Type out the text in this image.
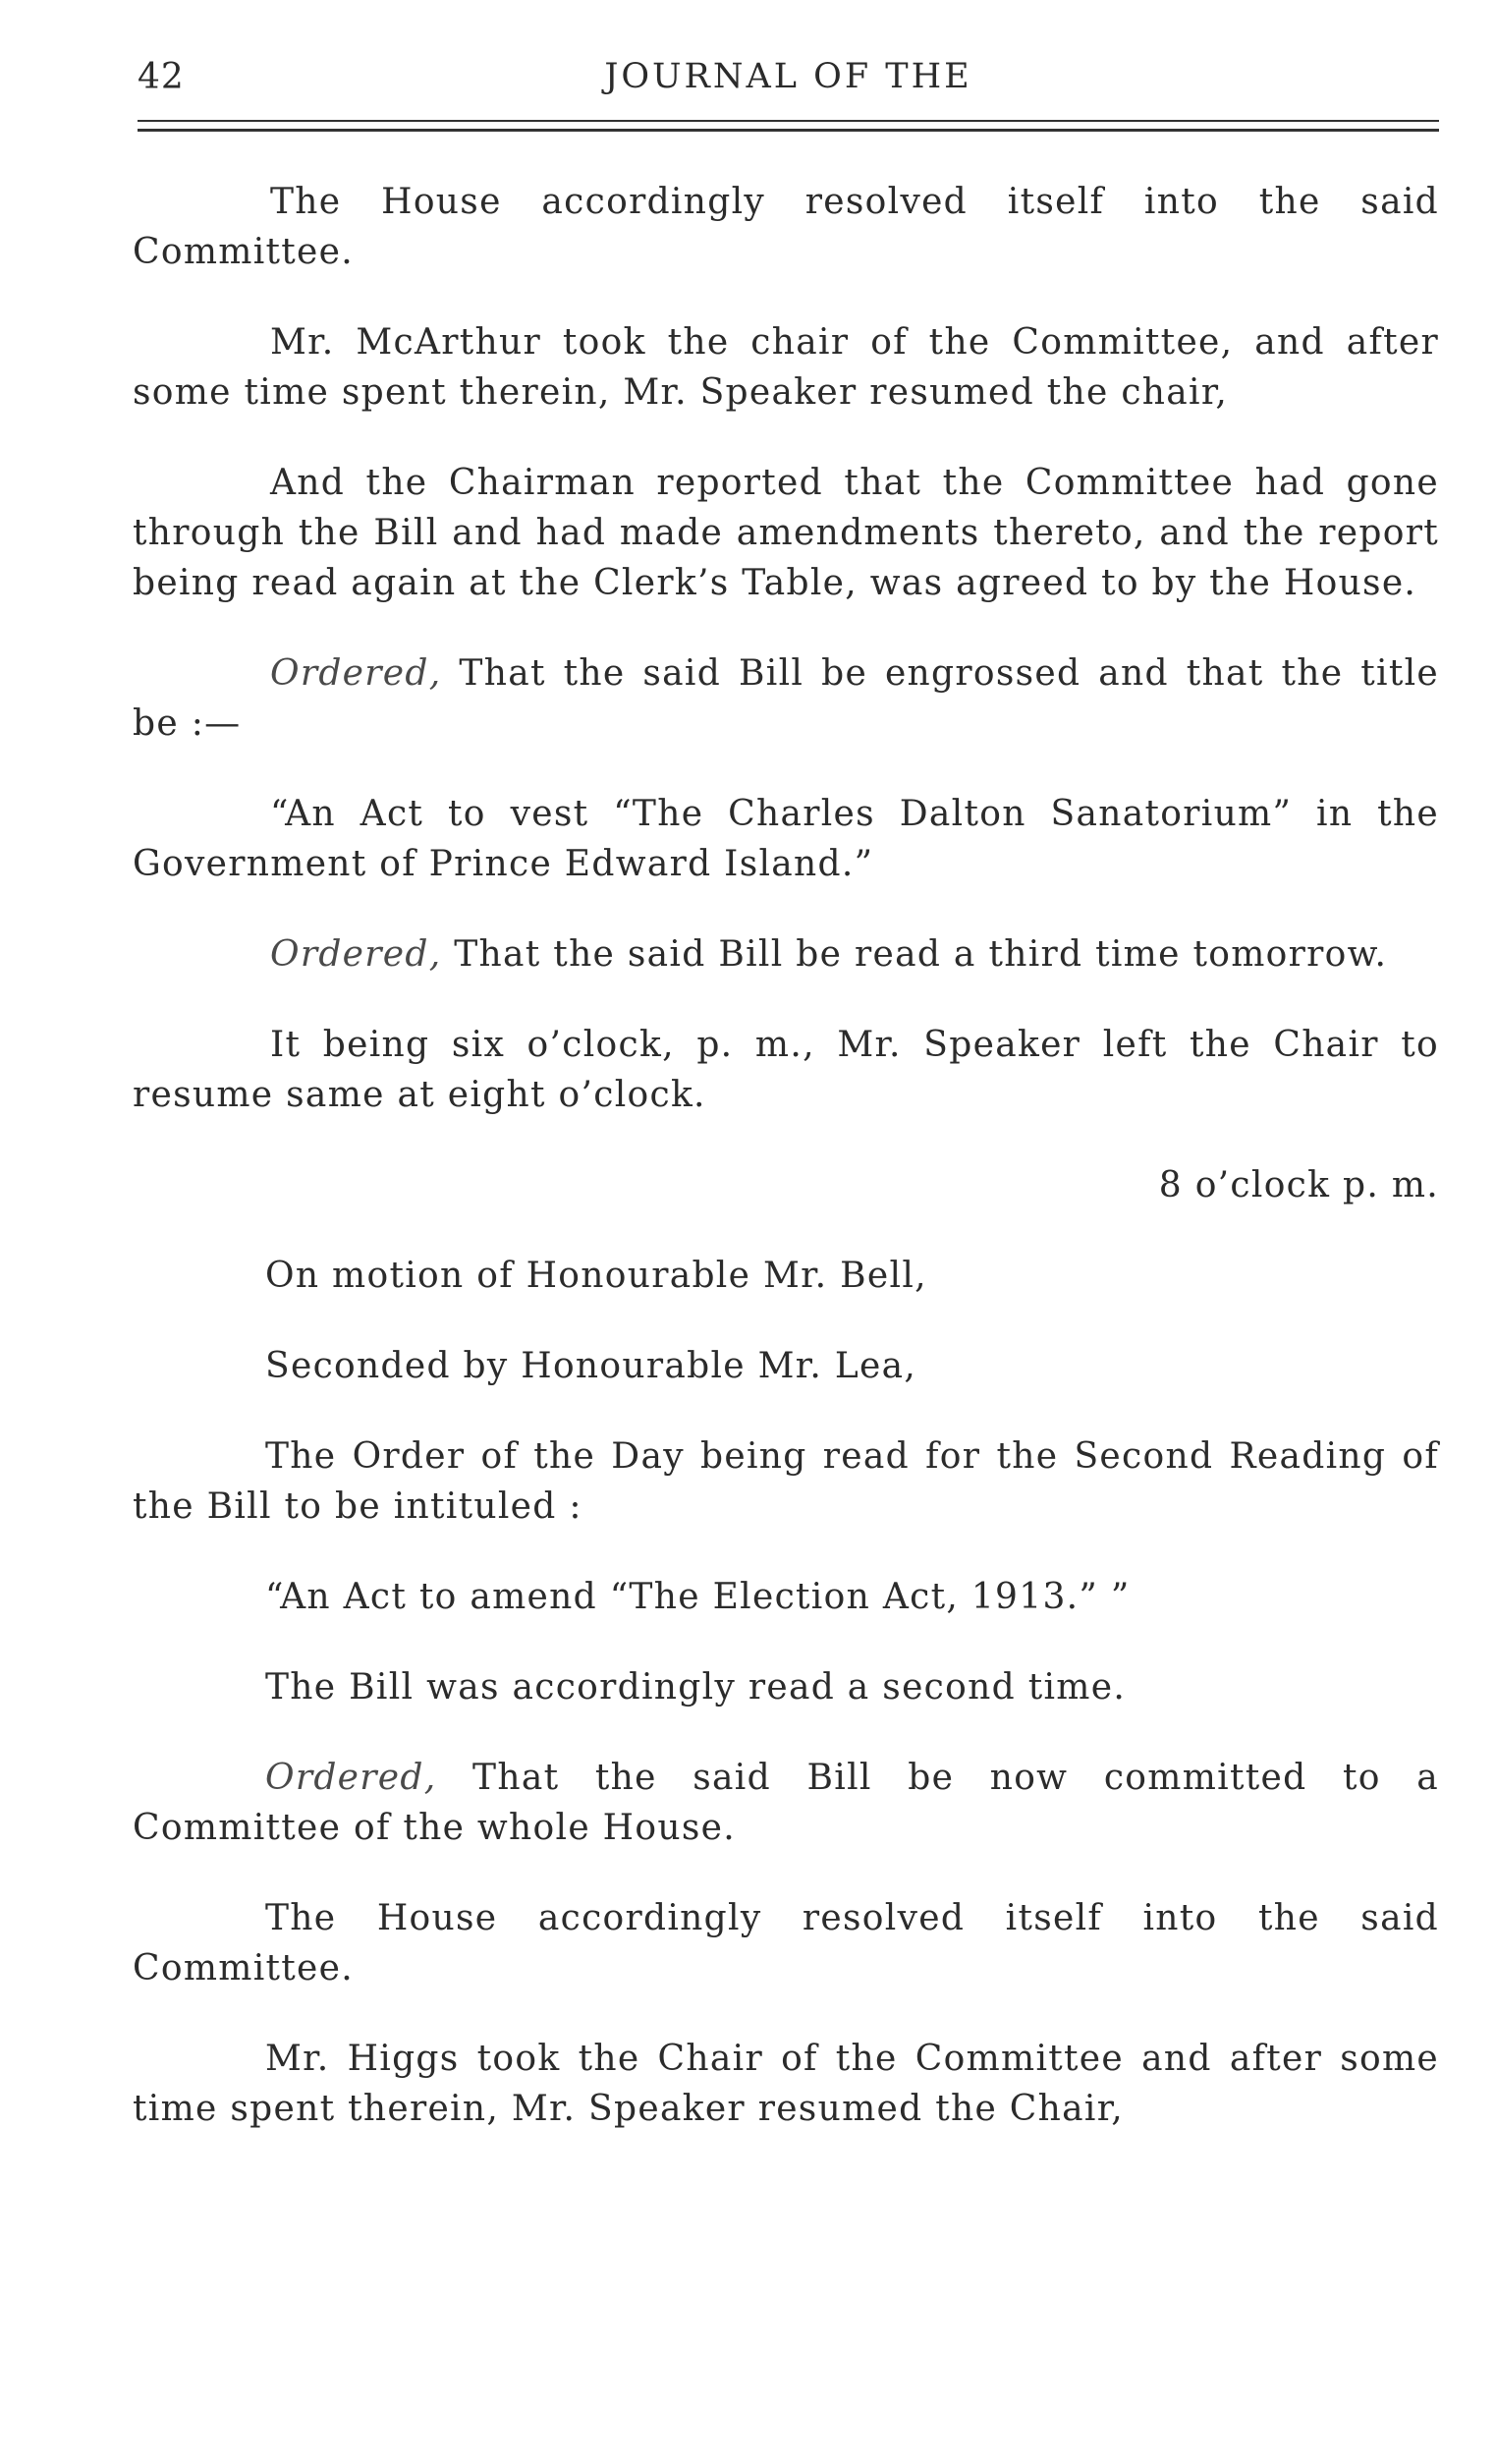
42	JOURNAL OF THE

The House accordingly resolved itself into the said Committee.

Mr. McArthur took the chair of the Committee, and after some time spent therein, Mr. Speaker resumed the chair,

And the Chairman reported that the Committee had gone through the Bill and had made amendments thereto, and the report being read again at the Clerk’s Table, was agreed to by the House.

Ordered, That the said Bill be engrossed and that the title be :—

“An Act to vest “The Charles Dalton Sanatorium” in the Government of Prince Edward Island.”

Ordered, That the said Bill be read a third time tomorrow.

It being six o’clock, p. m., Mr. Speaker left the Chair to resume same at eight o’clock.

8 o’clock p. m.

On motion of Honourable Mr. Bell,

Seconded by Honourable Mr. Lea,

The Order of the Day being read for the Second Reading of the Bill to be intituled :

“An Act to amend “The Election Act, 1913.” ”

The Bill was accordingly read a second time.

Ordered, That the said Bill be now committed to a Committee of the whole House.

The House accordingly resolved itself into the said Committee.

Mr. Higgs took the Chair of the Committee and after some time spent therein, Mr. Speaker resumed the Chair,
